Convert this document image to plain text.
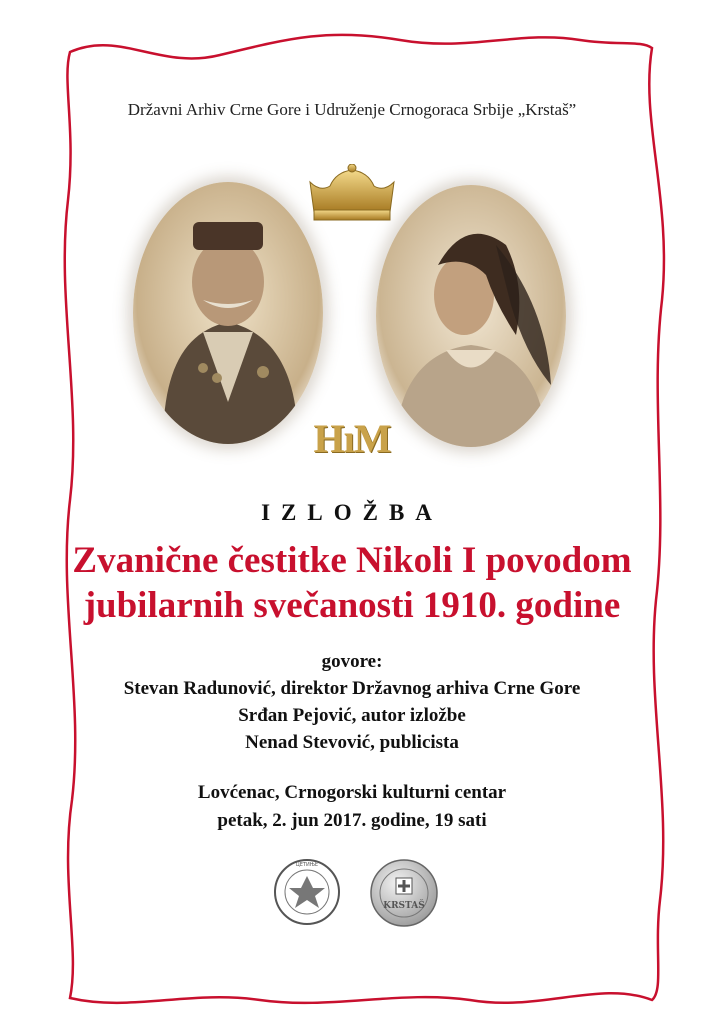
Državni Arhiv Crne Gore i Udruženje Crnogoraca Srbije „Krstaš”
HıM
IZLOŽBA
Zvanične čestitke Nikoli I povodom
jubilarnih svečanosti 1910. godine
govore:
Stevan Radunović, direktor Državnog arhiva Crne Gore
Srđan Pejović, autor izložbe
Nenad Stevović, publicista
Lovćenac, Crnogorski kulturni centar
petak, 2. jun 2017. godine, 19 sati
ЦЕТИЊЕ
KRSTAŠ
